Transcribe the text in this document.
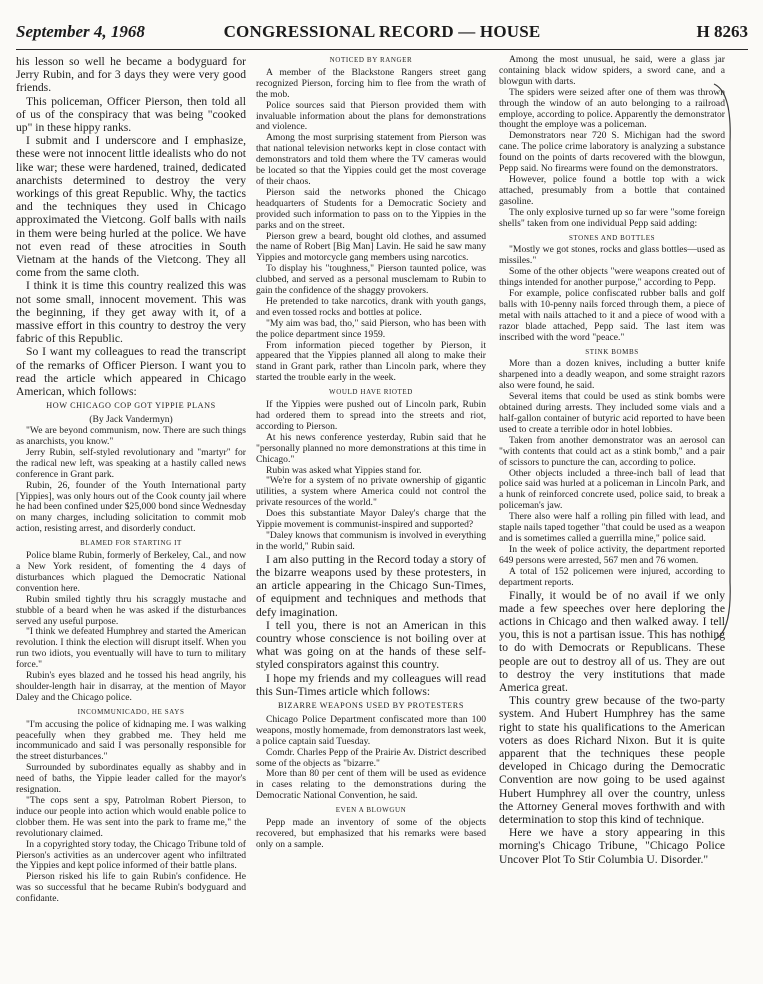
September 4, 1968	CONGRESSIONAL RECORD — HOUSE	H 8263

his lesson so well he became a bodyguard for Jerry Rubin, and for 3 days they were very good friends.

This policeman, Officer Pierson, then told all of us of the conspiracy that was being "cooked up" in these hippy ranks.

I submit and I underscore and I emphasize, these were not innocent little idealists who do not like war; these were hardened, trained, dedicated anarchists determined to destroy the very workings of this great Republic. Why, the tactics and the techniques they used in Chicago approximated the Vietcong. Golf balls with nails in them were being hurled at the police. We have not even read of these atrocities in South Vietnam at the hands of the Vietcong. They all come from the same cloth.

I think it is time this country realized this was not some small, innocent movement. This was the beginning, if they get away with it, of a massive effort in this country to destroy the very fabric of this Republic.

So I want my colleagues to read the transcript of the remarks of Officer Pierson. I want you to read the article which appeared in Chicago American, which follows:

HOW CHICAGO COP GOT YIPPIE PLANS
(By Jack Vandermyn)

"We are beyond communism, now. There are such things as anarchists, you know."

Jerry Rubin, self-styled revolutionary and "martyr" for the radical new left, was speaking at a hastily called news conference in Grant park.

Rubin, 26, founder of the Youth International party [Yippies], was only hours out of the Cook county jail where he had been confined under $25,000 bond since Wednesday on many charges, including solicitation to commit mob action, resisting arrest, and disorderly conduct.

BLAMED FOR STARTING IT

Police blame Rubin, formerly of Berkeley, Cal., and now a New York resident, of fomenting the 4 days of disturbances which plagued the Democratic National convention here.

Rubin smiled tightly thru his scraggly mustache and stubble of a beard when he was asked if the disturbances served any useful purpose.

"I think we defeated Humphrey and started the American revolution. I think the election will disrupt itself. When you run two idiots, you eventually will have to turn to military force."

Rubin's eyes blazed and he tossed his head angrily, his shoulder-length hair in disarray, at the mention of Mayor Daley and the Chicago police.

INCOMMUNICADO, HE SAYS

"I'm accusing the police of kidnaping me. I was walking peacefully when they grabbed me. They held me incommunicado and said I was personally responsible for the street disturbances."

Surrounded by subordinates equally as shabby and in need of baths, the Yippie leader called for the mayor's resignation.

"The cops sent a spy, Patrolman Robert Pierson, to induce our people into action which would enable police to clobber them. He was sent into the park to frame me," the revolutionary claimed.

In a copyrighted story today, the Chicago Tribune told of Pierson's activities as an undercover agent who infiltrated the Yippies and kept police informed of their battle plans.

Pierson risked his life to gain Rubin's confidence. He was so successful that he became Rubin's bodyguard and confidante.

NOTICED BY RANGER

A member of the Blackstone Rangers street gang recognized Pierson, forcing him to flee from the wrath of the mob.

Police sources said that Pierson provided them with invaluable information about the plans for demonstrations and violence.

Among the most surprising statement from Pierson was that national television networks kept in close contact with demonstrators and told them where the TV cameras would be located so that the Yippies could get the most coverage of their chaos.

Pierson said the networks phoned the Chicago headquarters of Students for a Democratic Society and provided such information to pass on to the Yippies in the parks and on the street.

Pierson grew a beard, bought old clothes, and assumed the name of Robert [Big Man] Lavin. He said he saw many Yippies and motorcycle gang members using narcotics.

To display his "toughness," Pierson taunted police, was clubbed, and served as a personal musclemam to Rubin to gain the confidence of the shaggy provokers.

He pretended to take narcotics, drank with youth gangs, and even tossed rocks and bottles at police.

"My aim was bad, tho," said Pierson, who has been with the police department since 1959.

From information pieced together by Pierson, it appeared that the Yippies planned all along to make their stand in Grant park, rather than Lincoln park, where they started the trouble early in the week.

WOULD HAVE RIOTED

If the Yippies were pushed out of Lincoln park, Rubin had ordered them to spread into the streets and riot, according to Pierson.

At his news conference yesterday, Rubin said that he "personally planned no more demonstrations at this time in Chicago."

Rubin was asked what Yippies stand for.

"We're for a system of no private ownership of gigantic utilities, a system where America could not control the private resources of the world."

Does this substantiate Mayor Daley's charge that the Yippie movement is communist-inspired and supported?

"Daley knows that communism is involved in everything in the world," Rubin said.

I am also putting in the Record today a story of the bizarre weapons used by these protesters, in an article appearing in the Chicago Sun-Times, of equipment and techniques and methods that defy imagination.

I tell you, there is not an American in this country whose conscience is not boiling over at what was going on at the hands of these self-styled conspirators against this country.

I hope my friends and my colleagues will read this Sun-Times article which follows:

BIZARRE WEAPONS USED BY PROTESTERS

Chicago Police Department confiscated more than 100 weapons, mostly homemade, from demonstrators last week, a police captain said Tuesday.

Comdr. Charles Pepp of the Prairie Av. District described some of the objects as "bizarre."

More than 80 per cent of them will be used as evidence in cases relating to the demonstrations during the Democratic National Convention, he said.

EVEN A BLOWGUN

Pepp made an inventory of some of the objects recovered, but emphasized that his remarks were based only on a sample.

Among the most unusual, he said, were a glass jar containing black widow spiders, a sword cane, and a blowgun with darts.

The spiders were seized after one of them was thrown through the window of an auto belonging to a railroad employe, according to police. Apparently the demonstrator thought the employe was a policeman.

Demonstrators near 720 S. Michigan had the sword cane. The police crime laboratory is analyzing a substance found on the points of darts recovered with the blowgun, Pepp said. No firearms were found on the demonstrators.

However, police found a bottle top with a wick attached, presumably from a bottle that contained gasoline.

The only explosive turned up so far were "some foreign shells" taken from one individual Pepp said adding:

STONES AND BOTTLES

"Mostly we got stones, rocks and glass bottles—used as missiles."

Some of the other objects "were weapons created out of things intended for another purpose," according to Pepp.

For example, police confiscated rubber balls and golf balls with 10-penny nails forced through them, a piece of metal with nails attached to it and a piece of wood with a razor blade attached, Pepp said. The last item was inscribed with the word "peace."

STINK BOMBS

More than a dozen knives, including a butter knife sharpened into a deadly weapon, and some straight razors also were found, he said.

Several items that could be used as stink bombs were obtained during arrests. They included some vials and a half-gallon container of butyric acid reported to have been used to create a terrible odor in hotel lobbies.

Taken from another demonstrator was an aerosol can "with contents that could act as a stink bomb," and a pair of scissors to puncture the can, according to police.

Other objects included a three-inch ball of lead that police said was hurled at a policeman in Lincoln Park, and a hunk of reinforced concrete used, police said, to break a policeman's jaw.

There also were half a rolling pin filled with lead, and staple nails taped together "that could be used as a weapon and is sometimes called a guerrilla mine," police said.

In the week of police activity, the department reported 649 persons were arrested, 567 men and 76 women.

A total of 152 policemen were injured, according to department reports.

Finally, it would be of no avail if we only made a few speeches over here deploring the actions in Chicago and then walked away. I tell you, this is not a partisan issue. This has nothing to do with Democrats or Republicans. These people are out to destroy all of us. They are out to destroy the very institutions that made America great.

This country grew because of the two-party system. And Hubert Humphrey has the same right to state his qualifications to the American voters as does Richard Nixon. But it is quite apparent that the techniques these people developed in Chicago during the Democratic Convention are now going to be used against Hubert Humphrey all over the country, unless the Attorney General moves forthwith and with determination to stop this kind of technique.

Here we have a story appearing in this morning's Chicago Tribune, "Chicago Police Uncover Plot To Stir Columbia U. Disorder."
